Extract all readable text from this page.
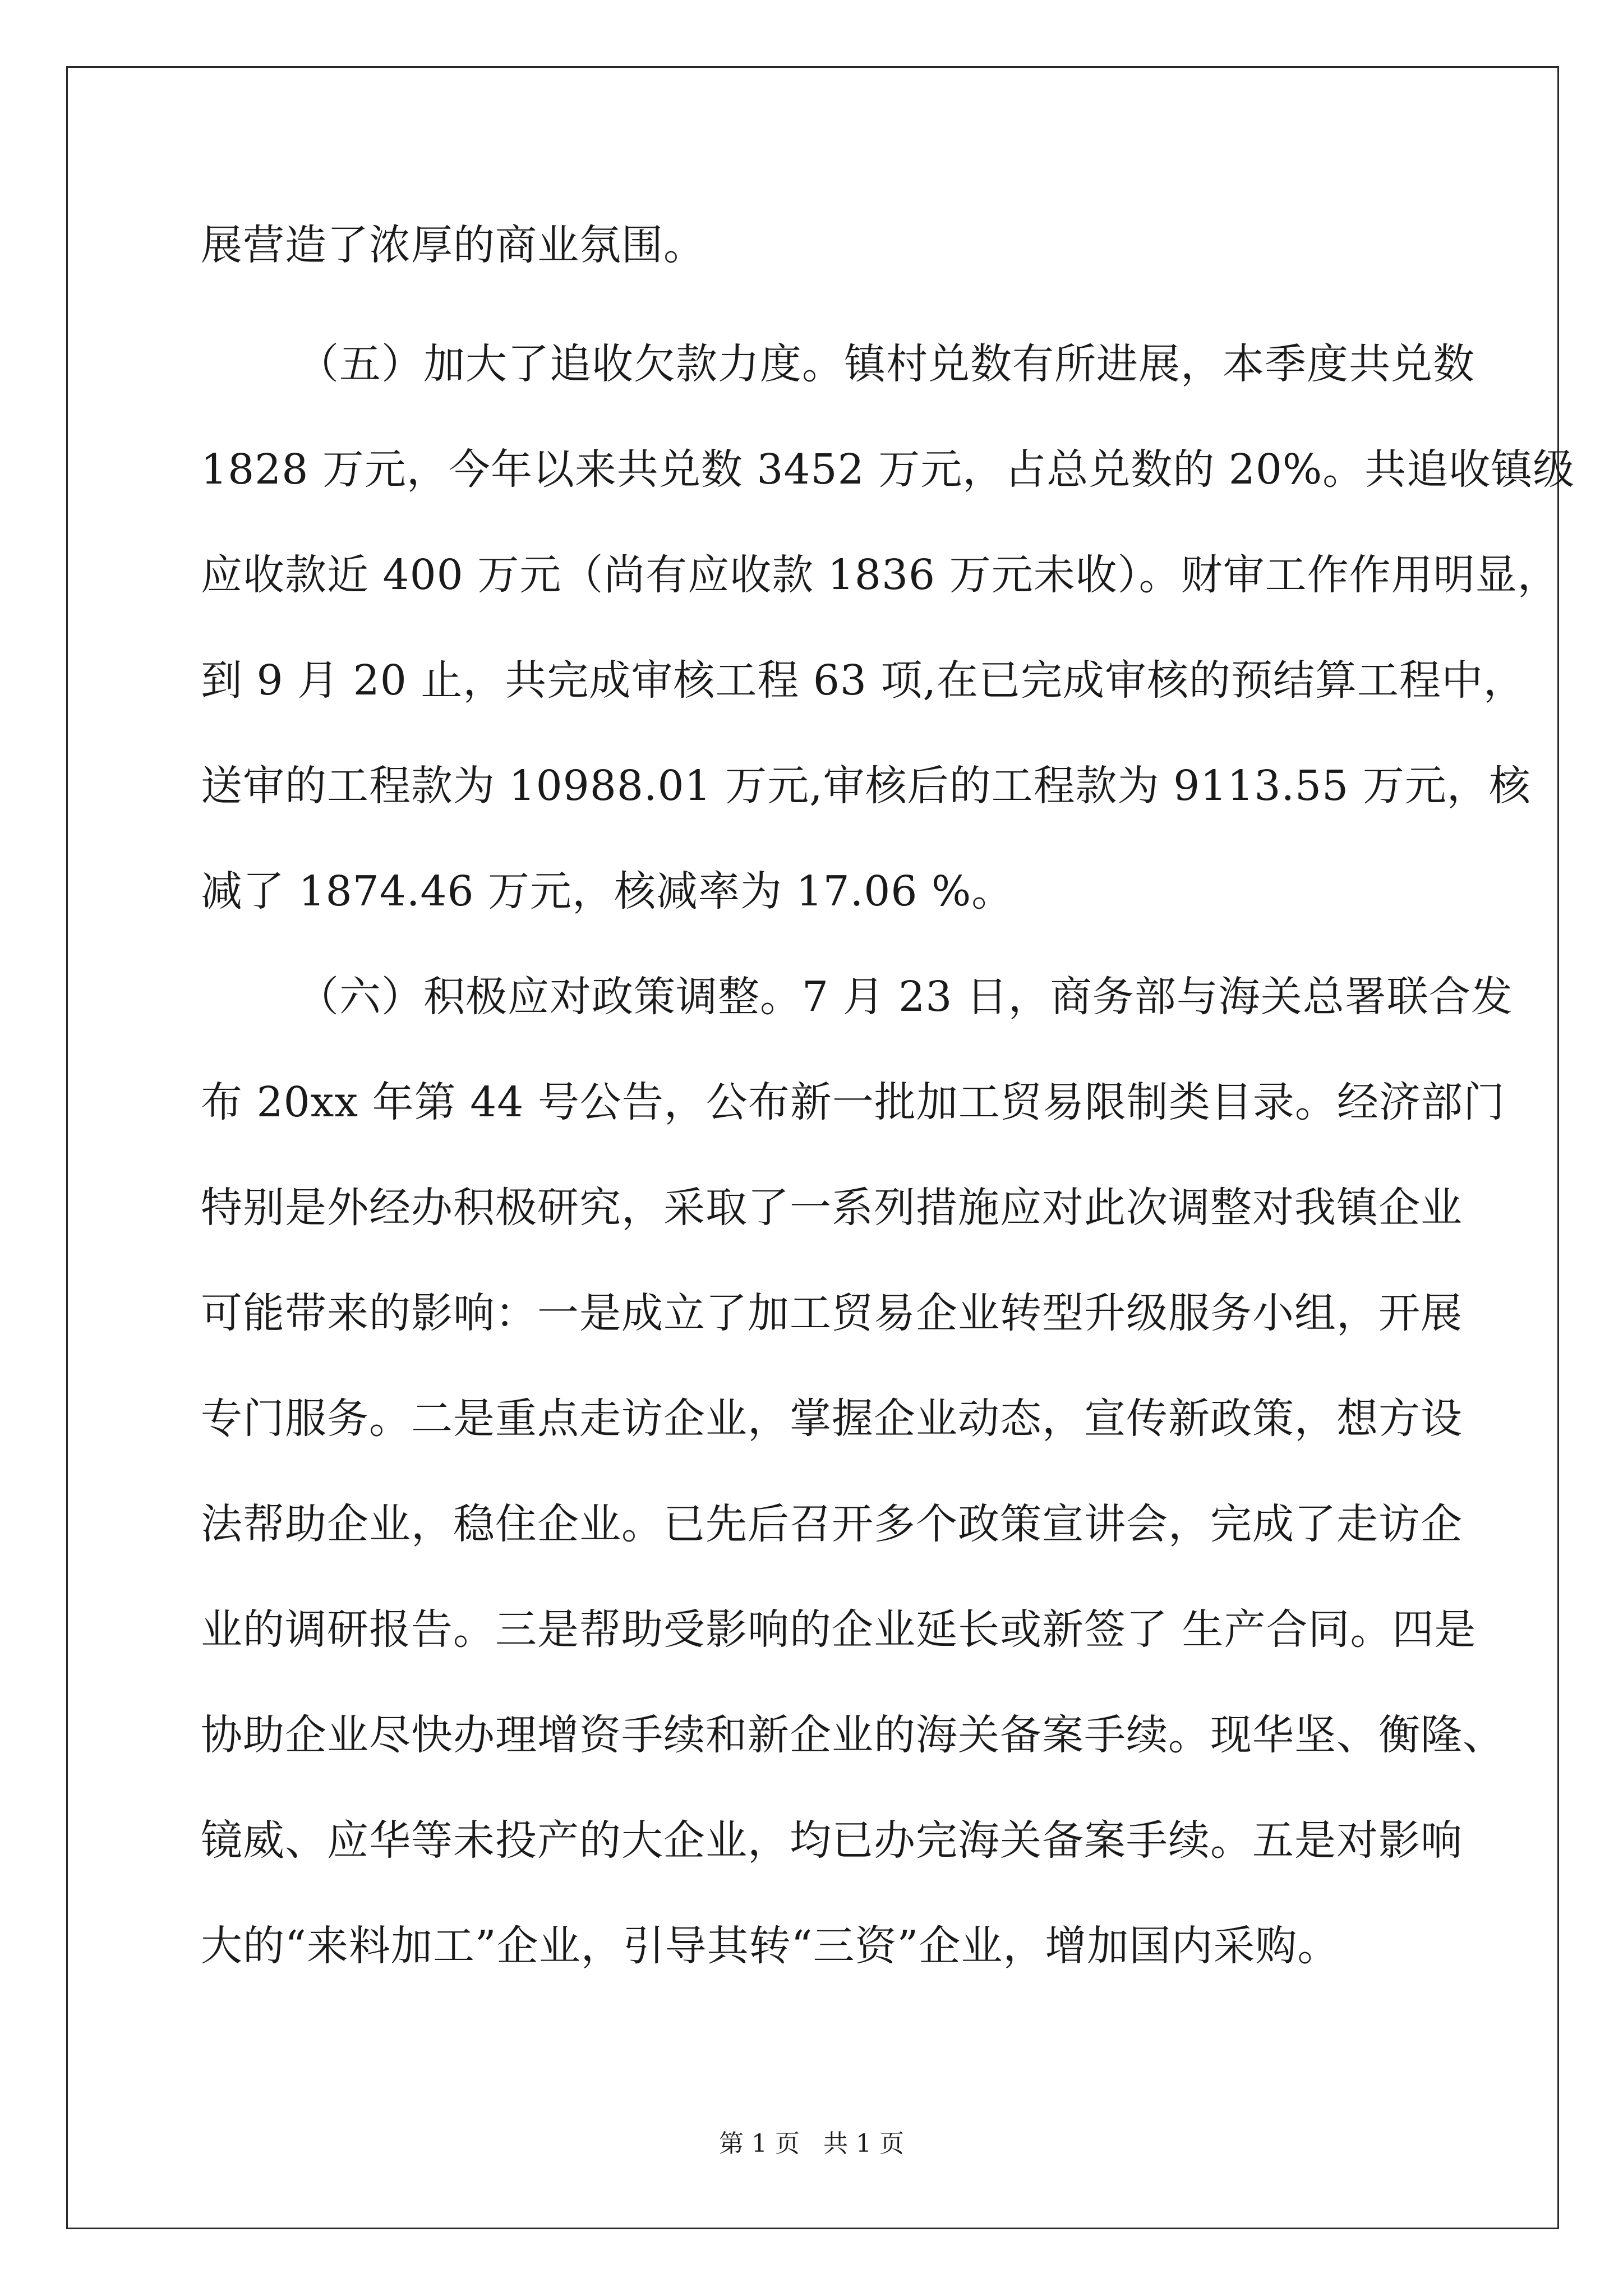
展营造了浓厚的商业氛围。
（五）加大了追收欠款力度。镇村兑数有所进展，本季度共兑数
1828 万元，今年以来共兑数 3452 万元，占总兑数的 20%。共追收镇级
应收款近 400 万元（尚有应收款 1836 万元未收）。财审工作作用明显，
到 9 月 20 止，共完成审核工程 63 项,在已完成审核的预结算工程中，
送审的工程款为 10988.01 万元,审核后的工程款为 9113.55 万元，核
减了 1874.46 万元，核减率为 17.06 %。
（六）积极应对政策调整。7 月 23 日，商务部与海关总署联合发
布 20xx 年第 44 号公告，公布新一批加工贸易限制类目录。经济部门
特别是外经办积极研究，采取了一系列措施应对此次调整对我镇企业
可能带来的影响：一是成立了加工贸易企业转型升级服务小组，开展
专门服务。二是重点走访企业，掌握企业动态，宣传新政策，想方设
法帮助企业，稳住企业。已先后召开多个政策宣讲会，完成了走访企
业的调研报告。三是帮助受影响的企业延长或新签了 生产合同。四是
协助企业尽快办理增资手续和新企业的海关备案手续。现华坚、衡隆、
镜威、应华等未投产的大企业，均已办完海关备案手续。五是对影响
大的“来料加工”企业，引导其转“三资”企业，增加国内采购。
第 1 页   共 1 页
